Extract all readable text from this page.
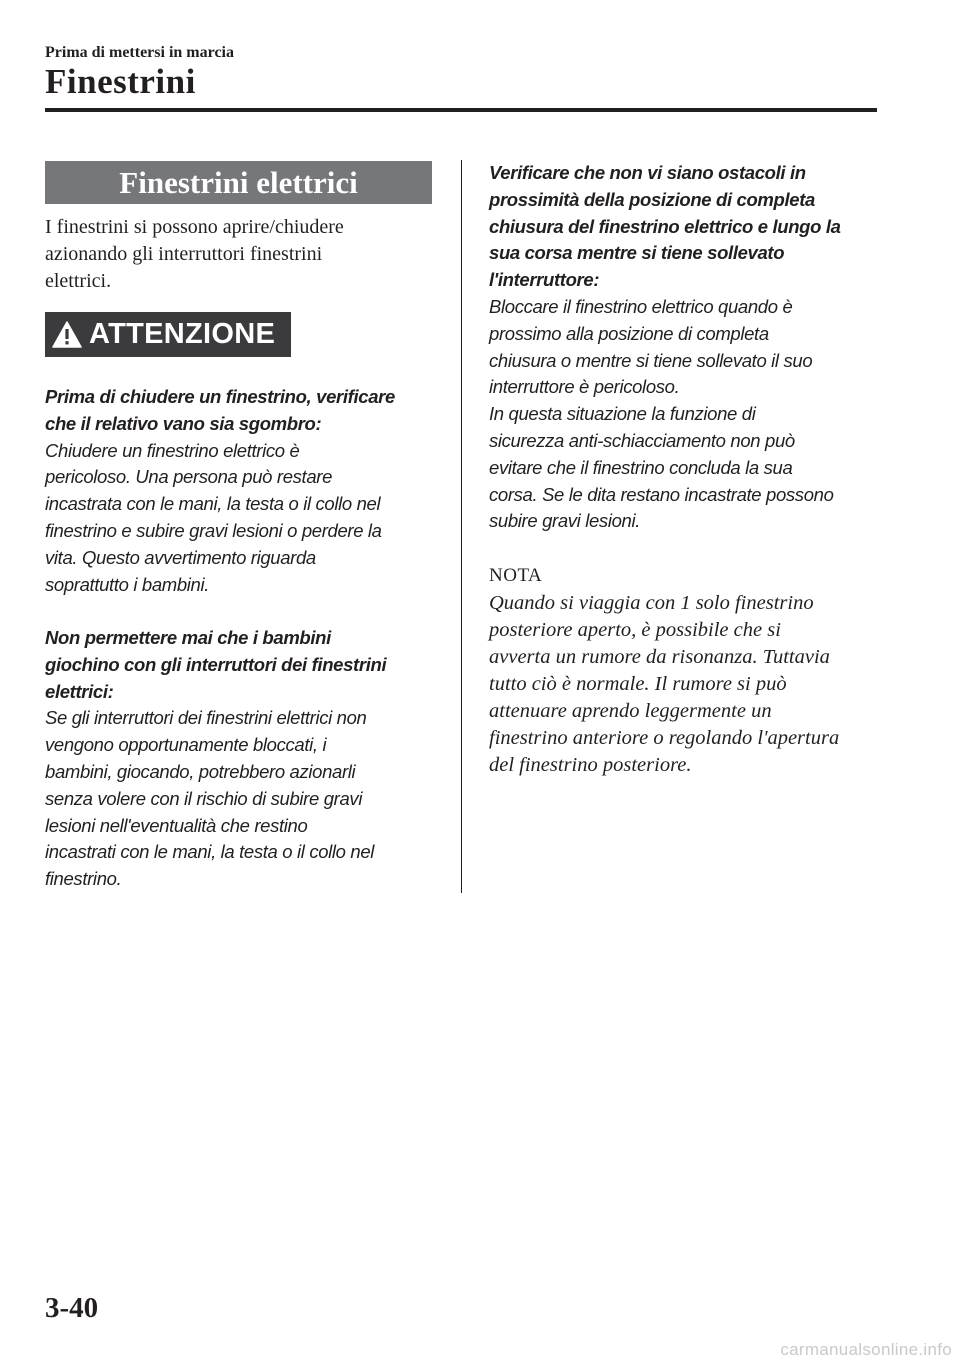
Prima di mettersi in marcia
Finestrini
Finestrini elettrici
I finestrini si possono aprire/chiudere
azionando gli interruttori finestrini
elettrici.
ATTENZIONE
Prima di chiudere un finestrino, verificare
che il relativo vano sia sgombro:
Chiudere un finestrino elettrico è
pericoloso. Una persona può restare
incastrata con le mani, la testa o il collo nel
finestrino e subire gravi lesioni o perdere la
vita. Questo avvertimento riguarda
soprattutto i bambini.
Non permettere mai che i bambini
giochino con gli interruttori dei finestrini
elettrici:
Se gli interruttori dei finestrini elettrici non
vengono opportunamente bloccati, i
bambini, giocando, potrebbero azionarli
senza volere con il rischio di subire gravi
lesioni nell'eventualità che restino
incastrati con le mani, la testa o il collo nel
finestrino.
Verificare che non vi siano ostacoli in
prossimità della posizione di completa
chiusura del finestrino elettrico e lungo la
sua corsa mentre si tiene sollevato
l'interruttore:
Bloccare il finestrino elettrico quando è
prossimo alla posizione di completa
chiusura o mentre si tiene sollevato il suo
interruttore è pericoloso.
In questa situazione la funzione di
sicurezza anti-schiacciamento non può
evitare che il finestrino concluda la sua
corsa. Se le dita restano incastrate possono
subire gravi lesioni.
NOTA
Quando si viaggia con 1 solo finestrino
posteriore aperto, è possibile che si
avverta un rumore da risonanza. Tuttavia
tutto ciò è normale. Il rumore si può
attenuare aprendo leggermente un
finestrino anteriore o regolando l'apertura
del finestrino posteriore.
3-40
carmanualsonline.info
